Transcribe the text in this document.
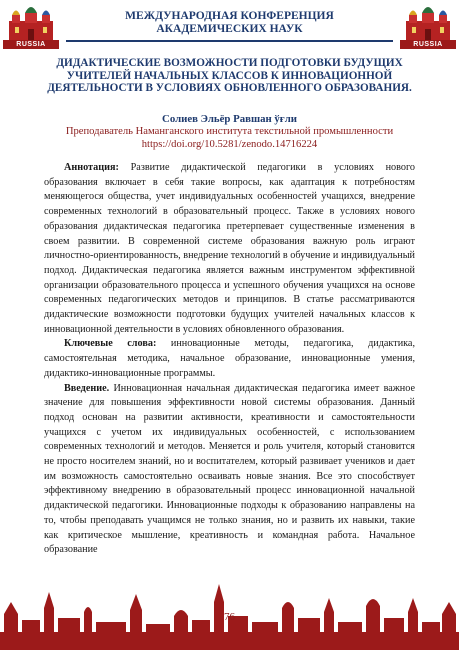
RUSSIA
МЕЖДУНАРОДНАЯ КОНФЕРЕНЦИЯ
АКАДЕМИЧЕСКИХ НАУК
RUSSIA
ДИДАКТИЧЕСКИЕ ВОЗМОЖНОСТИ ПОДГОТОВКИ БУДУЩИХ УЧИТЕЛЕЙ НАЧАЛЬНЫХ КЛАССОВ К ИННОВАЦИОННОЙ ДЕЯТЕЛЬНОСТИ В УСЛОВИЯХ ОБНОВЛЕННОГО ОБРАЗОВАНИЯ.
Солиев Эльёр Равшан ўғли
Преподаватель Наманганского института текстильной промышленности
https://doi.org/10.5281/zenodo.14716224

Аннотация: Развитие дидактической педагогики в условиях нового образования включает в себя такие вопросы, как адаптация к потребностям меняющегося общества, учет индивидуальных особенностей учащихся, внедрение современных технологий в образовательный процесс. Также в условиях нового образования дидактическая педагогика претерпевает существенные изменения в своем развитии. В современной системе образования важную роль играют личностно-ориентированность, внедрение технологий в обучение и индивидуальный подход. Дидактическая педагогика является важным инструментом эффективной организации образовательного процесса и успешного обучения учащихся на основе современных педагогических методов и принципов. В статье рассматриваются дидактические возможности подготовки будущих учителей начальных классов к инновационной деятельности в условиях обновленного образования.

Ключевые слова: инновационные методы, педагогика, дидактика, самостоятельная методика, начальное образование, инновационные умения, дидактико-инновационные программы.

Введение. Инновационная начальная дидактическая педагогика имеет важное значение для повышения эффективности новой системы образования. Данный подход основан на развитии активности, креативности и самостоятельности учащихся с учетом их индивидуальных особенностей, с использованием современных технологий и методов. Меняется и роль учителя, который становится не просто носителем знаний, но и воспитателем, который развивает учеников и дает им возможность самостоятельно осваивать новые знания. Все это способствует эффективному внедрению в образовательный процесс инновационной начальной дидактической педагогики. Инновационные подходы к образованию направлены на то, чтобы преподавать учащимся не только знания, но и развить их навыки, такие как критическое мышление, креативность и командная работа. Начальное образование

76
